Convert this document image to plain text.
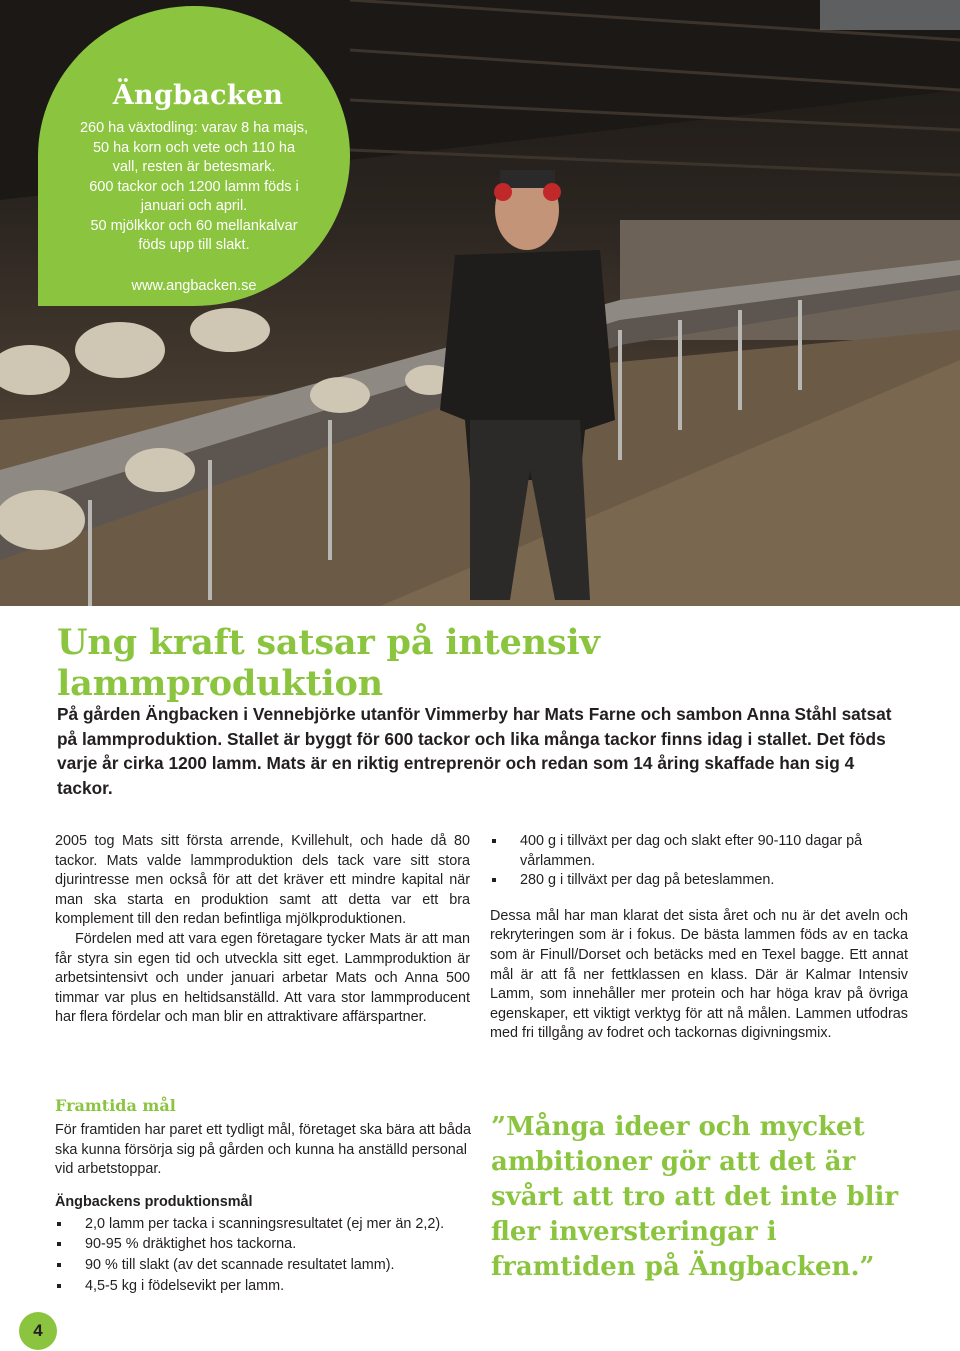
Ängbacken
260 ha växtodling: varav 8 ha majs,
50 ha korn och vete och 110 ha
vall, resten är betesmark.
600 tackor och 1200 lamm föds i
januari och april.
50 mjölkkor och 60 mellankalvar
föds upp till slakt.
www.angbacken.se
Ung kraft satsar på intensiv lammproduktion

På gården Ängbacken i Vennebjörke utanför Vimmerby har Mats Farne och sambon Anna Ståhl satsat på lammproduktion. Stallet är byggt för 600 tackor och lika många tackor finns idag i stallet. Det föds varje år cirka 1200 lamm. Mats är en riktig entreprenör och redan som 14 åring skaffade han sig 4 tackor.

2005 tog Mats sitt första arrende, Kvillehult, och hade då 80 tackor. Mats valde lammproduktion dels tack vare sitt stora djurintresse men också för att det kräver ett mindre kapital när man ska starta en produktion samt att detta var ett bra komplement till den redan befintliga mjölkproduktionen.

Fördelen med att vara egen företagare tycker Mats är att man får styra sin egen tid och utveckla sitt eget. Lammproduktion är arbetsintensivt och under januari arbetar Mats och Anna 500 timmar var plus en heltidsanställd. Att vara stor lammproducent har flera fördelar och man blir en attraktivare affärspartner.

400 g i tillväxt per dag och slakt efter 90-110 dagar på vårlammen.
280 g i tillväxt per dag på beteslammen.

Dessa mål har man klarat det sista året och nu är det aveln och rekryteringen som är i fokus. De bästa lammen föds av en tacka som är Finull/Dorset och betäcks med en Texel bagge. Ett annat mål är att få ner fettklassen en klass. Där är Kalmar Intensiv Lamm, som innehåller mer protein och har höga krav på övriga egenskaper, ett viktigt verktyg för att nå målen. Lammen utfodras med fri tillgång av fodret och tackornas digivningsmix.

Framtida mål

För framtiden har paret ett tydligt mål, företaget ska bära att båda ska kunna försörja sig på gården och kunna ha anställd personal vid arbetstoppar.

Ängbackens produktionsmål
2,0 lamm per tacka i scanningsresultatet (ej mer än 2,2).
90-95 % dräktighet hos tackorna.
90 % till slakt (av det scannade resultatet lamm).
4,5-5 kg i födelsevikt per lamm.
”Många ideer och mycket ambitioner gör att det är svårt att tro att det inte blir fler inversteringar i framtiden på Ängbacken.”
4
